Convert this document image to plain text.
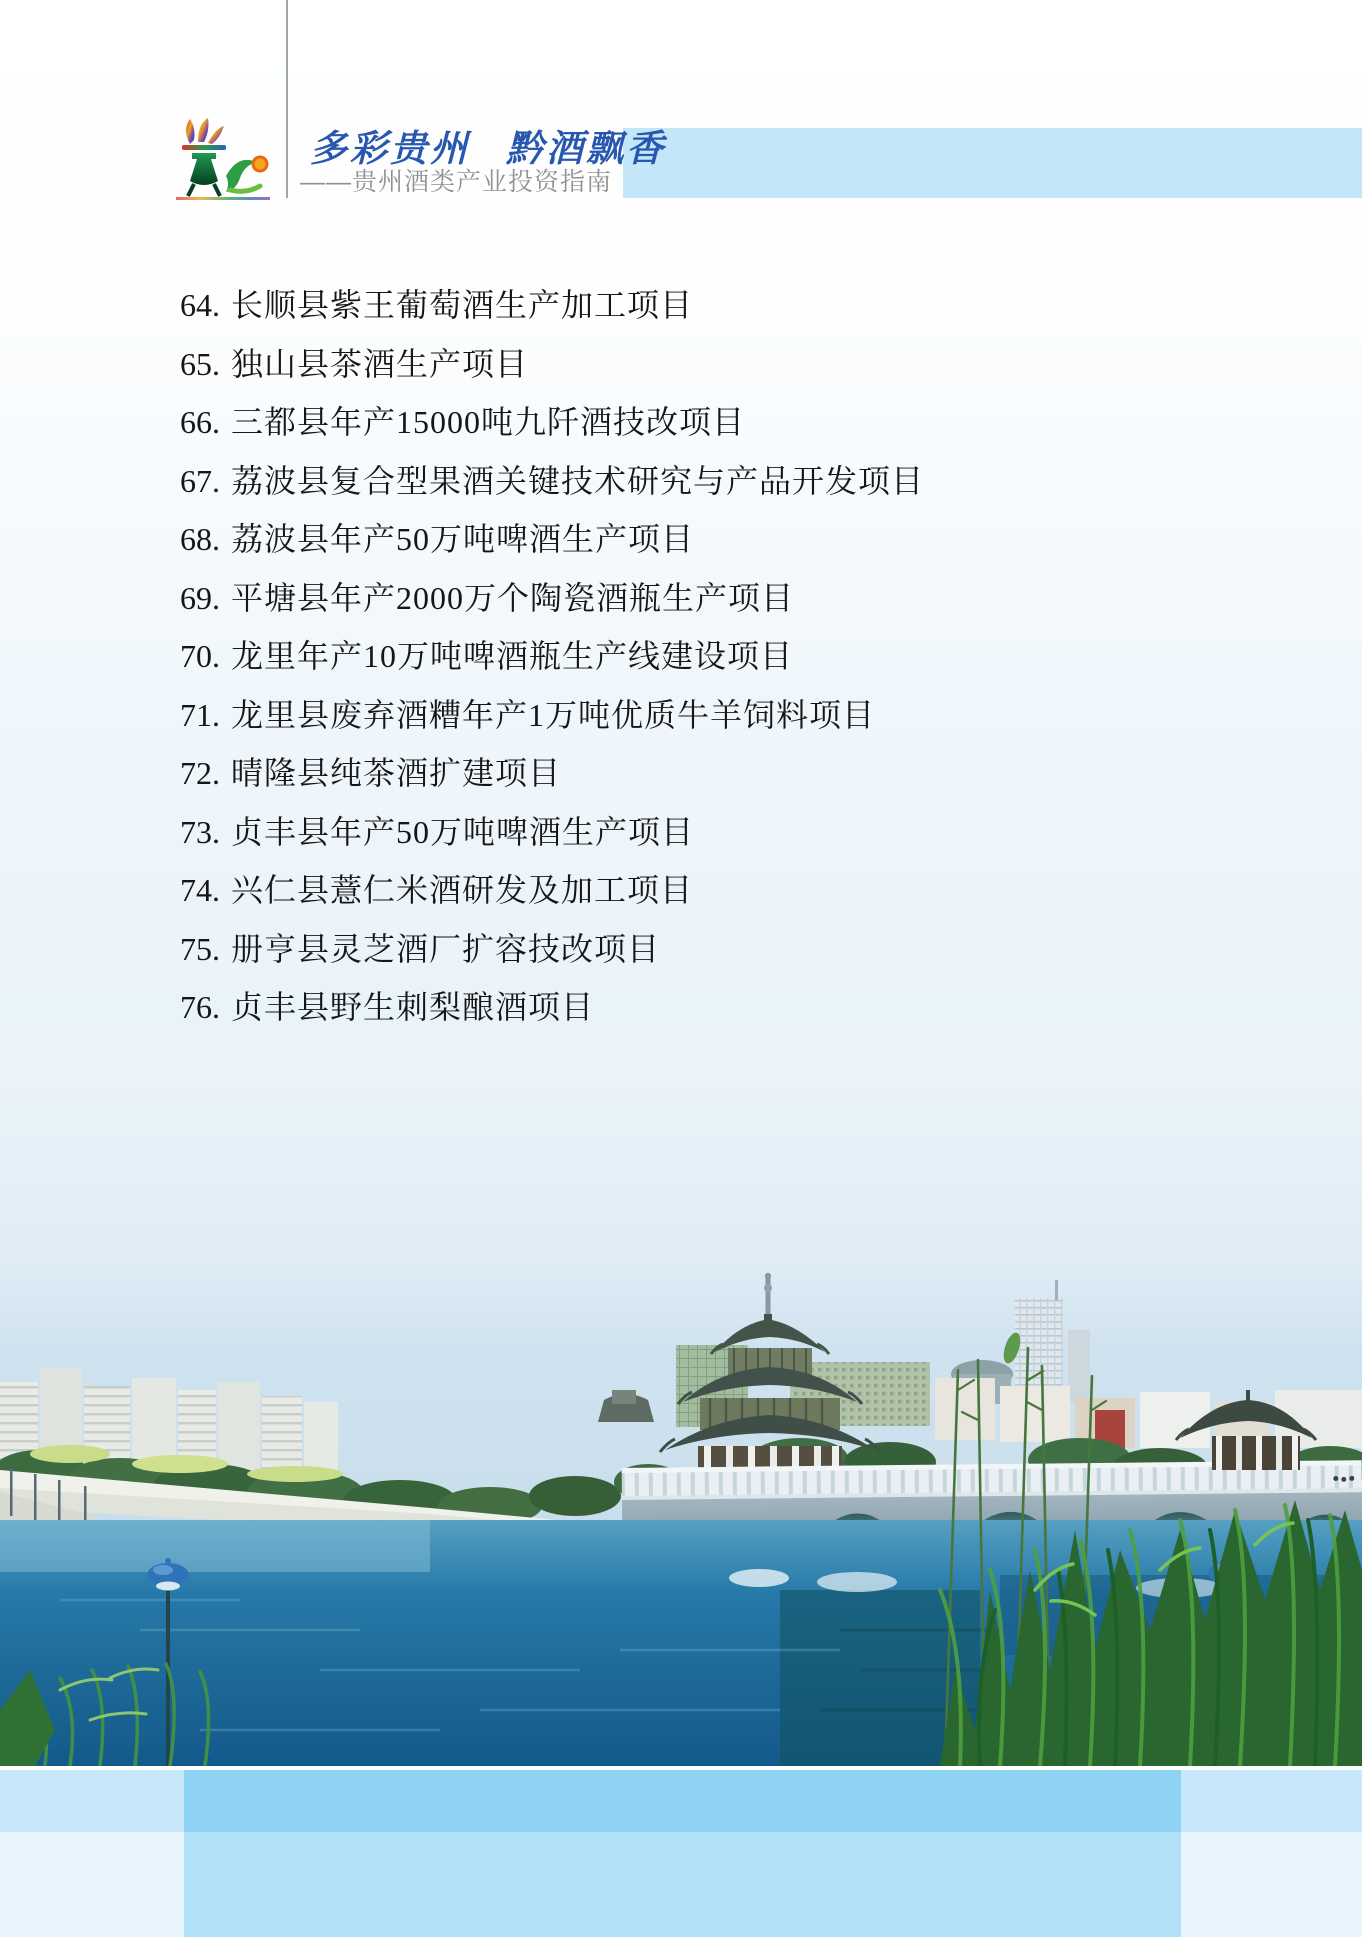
多彩贵州 黔酒飘香
——贵州酒类产业投资指南
64. 长顺县紫王葡萄酒生产加工项目
65. 独山县茶酒生产项目
66. 三都县年产15000吨九阡酒技改项目
67. 荔波县复合型果酒关键技术研究与产品开发项目
68. 荔波县年产50万吨啤酒生产项目
69. 平塘县年产2000万个陶瓷酒瓶生产项目
70. 龙里年产10万吨啤酒瓶生产线建设项目
71. 龙里县废弃酒糟年产1万吨优质牛羊饲料项目
72. 晴隆县纯茶酒扩建项目
73. 贞丰县年产50万吨啤酒生产项目
74. 兴仁县薏仁米酒研发及加工项目
75. 册亨县灵芝酒厂扩容技改项目
76. 贞丰县野生刺梨酿酒项目
